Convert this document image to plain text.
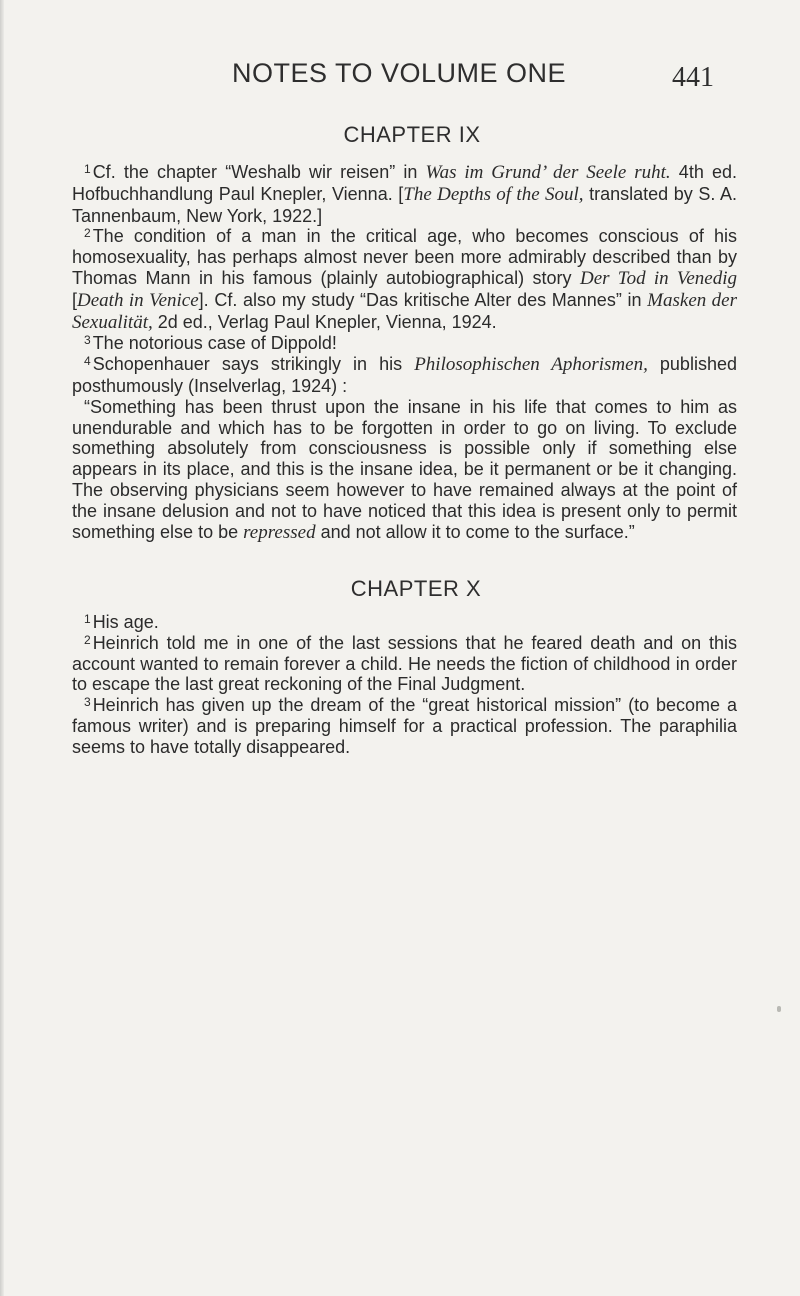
NOTES TO VOLUME ONE	441
CHAPTER IX

$^1$ Cf. the chapter “Weshalb wir reisen” in Was im Grund’ der Seele ruht. 4th ed. Hofbuchhandlung Paul Knepler, Vienna. [The Depths of the Soul, translated by S. A. Tannenbaum, New York, 1922.]

$^2$ The condition of a man in the critical age, who becomes conscious of his homosexuality, has perhaps almost never been more admirably described than by Thomas Mann in his famous (plainly autobiographical) story Der Tod in Venedig [Death in Venice]. Cf. also my study “Das kritische Alter des Mannes” in Masken der Sexualität, 2d ed., Verlag Paul Knepler, Vienna, 1924.

$^3$ The notorious case of Dippold!

$^4$ Schopenhauer says strikingly in his Philosophischen Aphorismen, published posthumously (Inselverlag, 1924) :

“Something has been thrust upon the insane in his life that comes to him as unendurable and which has to be forgotten in order to go on living. To exclude something absolutely from consciousness is possible only if something else appears in its place, and this is the insane idea, be it permanent or be it changing. The observing physicians seem however to have remained always at the point of the insane delusion and not to have noticed that this idea is present only to permit something else to be repressed and not allow it to come to the surface.”

CHAPTER X

$^1$ His age.

$^2$ Heinrich told me in one of the last sessions that he feared death and on this account wanted to remain forever a child. He needs the fiction of childhood in order to escape the last great reckoning of the Final Judgment.

$^3$ Heinrich has given up the dream of the “great historical mission” (to become a famous writer) and is preparing himself for a practical profession. The paraphilia seems to have totally disappeared.
